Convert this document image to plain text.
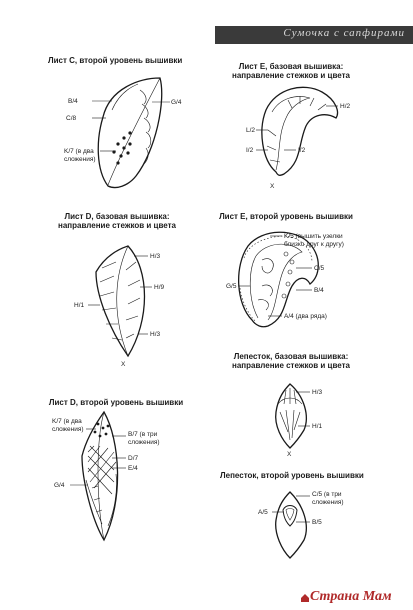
Сумочка с сапфирами
Лист C, второй уровень вышивки
B/4	G/4
C/8
K/7 (в два
сложения)
Лист E, базовая вышивка:
направление стежков и цвета
H/2
L/2
I/2	I/2
X
Лист D, базовая вышивка:
направление стежков и цвета
H/3
H/9
H/1
H/3
X
Лист E, второй уровень вышивки
K/5 (вышить узелки
близко друг к другу)
C/5
G/5
B/4
A/4 (два ряда)
Лист D, второй уровень вышивки
K/7 (в два
сложения)
B/7 (в три
сложения)
D/7
E/4
G/4
Лепесток, базовая вышивка:
направление стежков и цвета
H/3
H/1
X
Лепесток, второй уровень вышивки
C/5 (в три
сложения)
A/5
B/5
Страна Мам
